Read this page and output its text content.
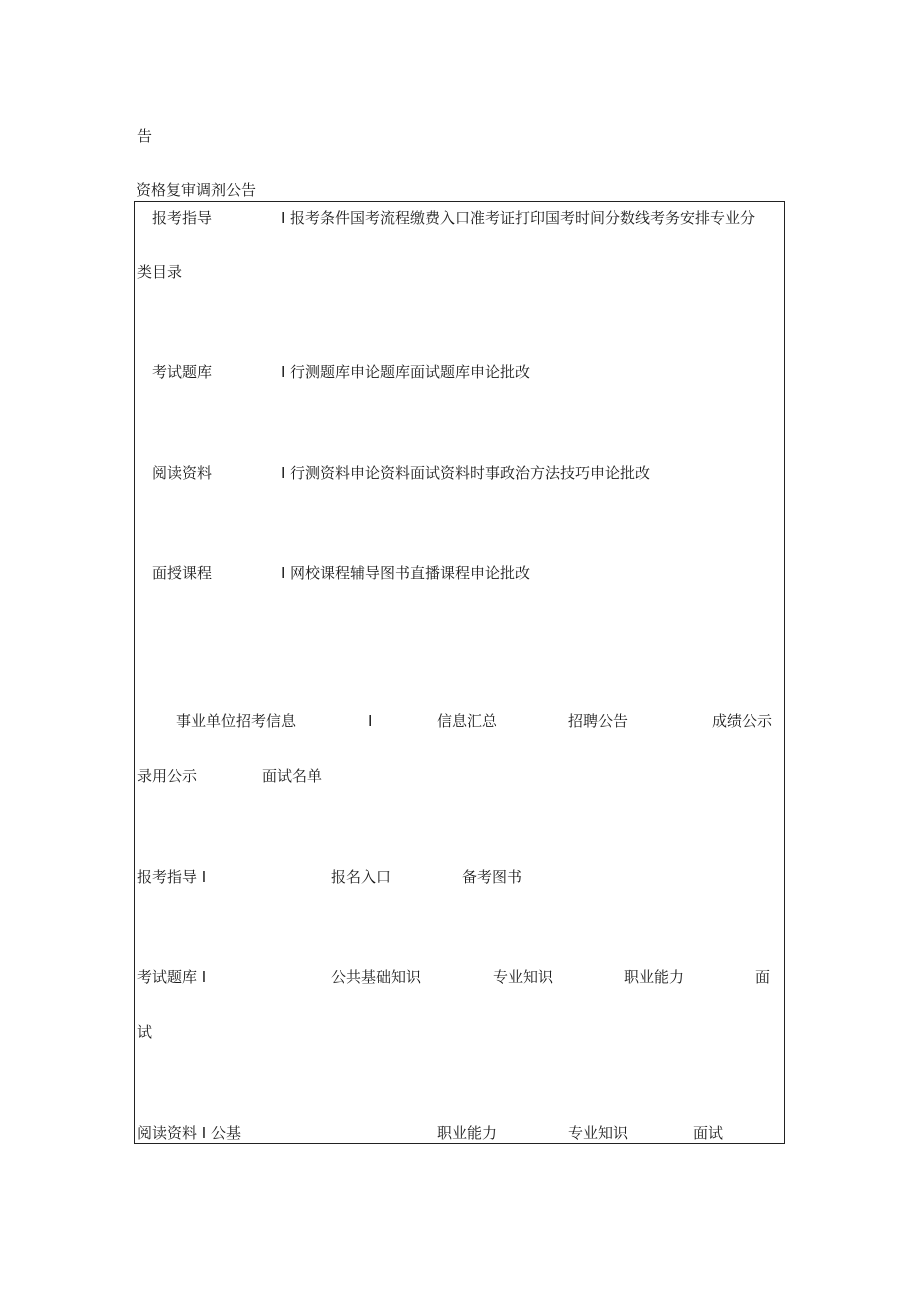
告
资格复审调剂公告
报考指导	I 报考条件国考流程缴费入口准考证打印国考时间分数线考务安排专业分
类目录
考试题库	I 行测题库申论题库面试题库申论批改
阅读资料	I 行测资料申论资料面试资料时事政治方法技巧申论批改
面授课程	I 网校课程辅导图书直播课程申论批改
事业单位招考信息	I	信息汇总	招聘公告	成绩公示
录用公示	面试名单
报考指导 I	报名入口	备考图书
考试题库 I	公共基础知识	专业知识	职业能力	面
试
阅读资料 I 公基	职业能力	专业知识	面试
